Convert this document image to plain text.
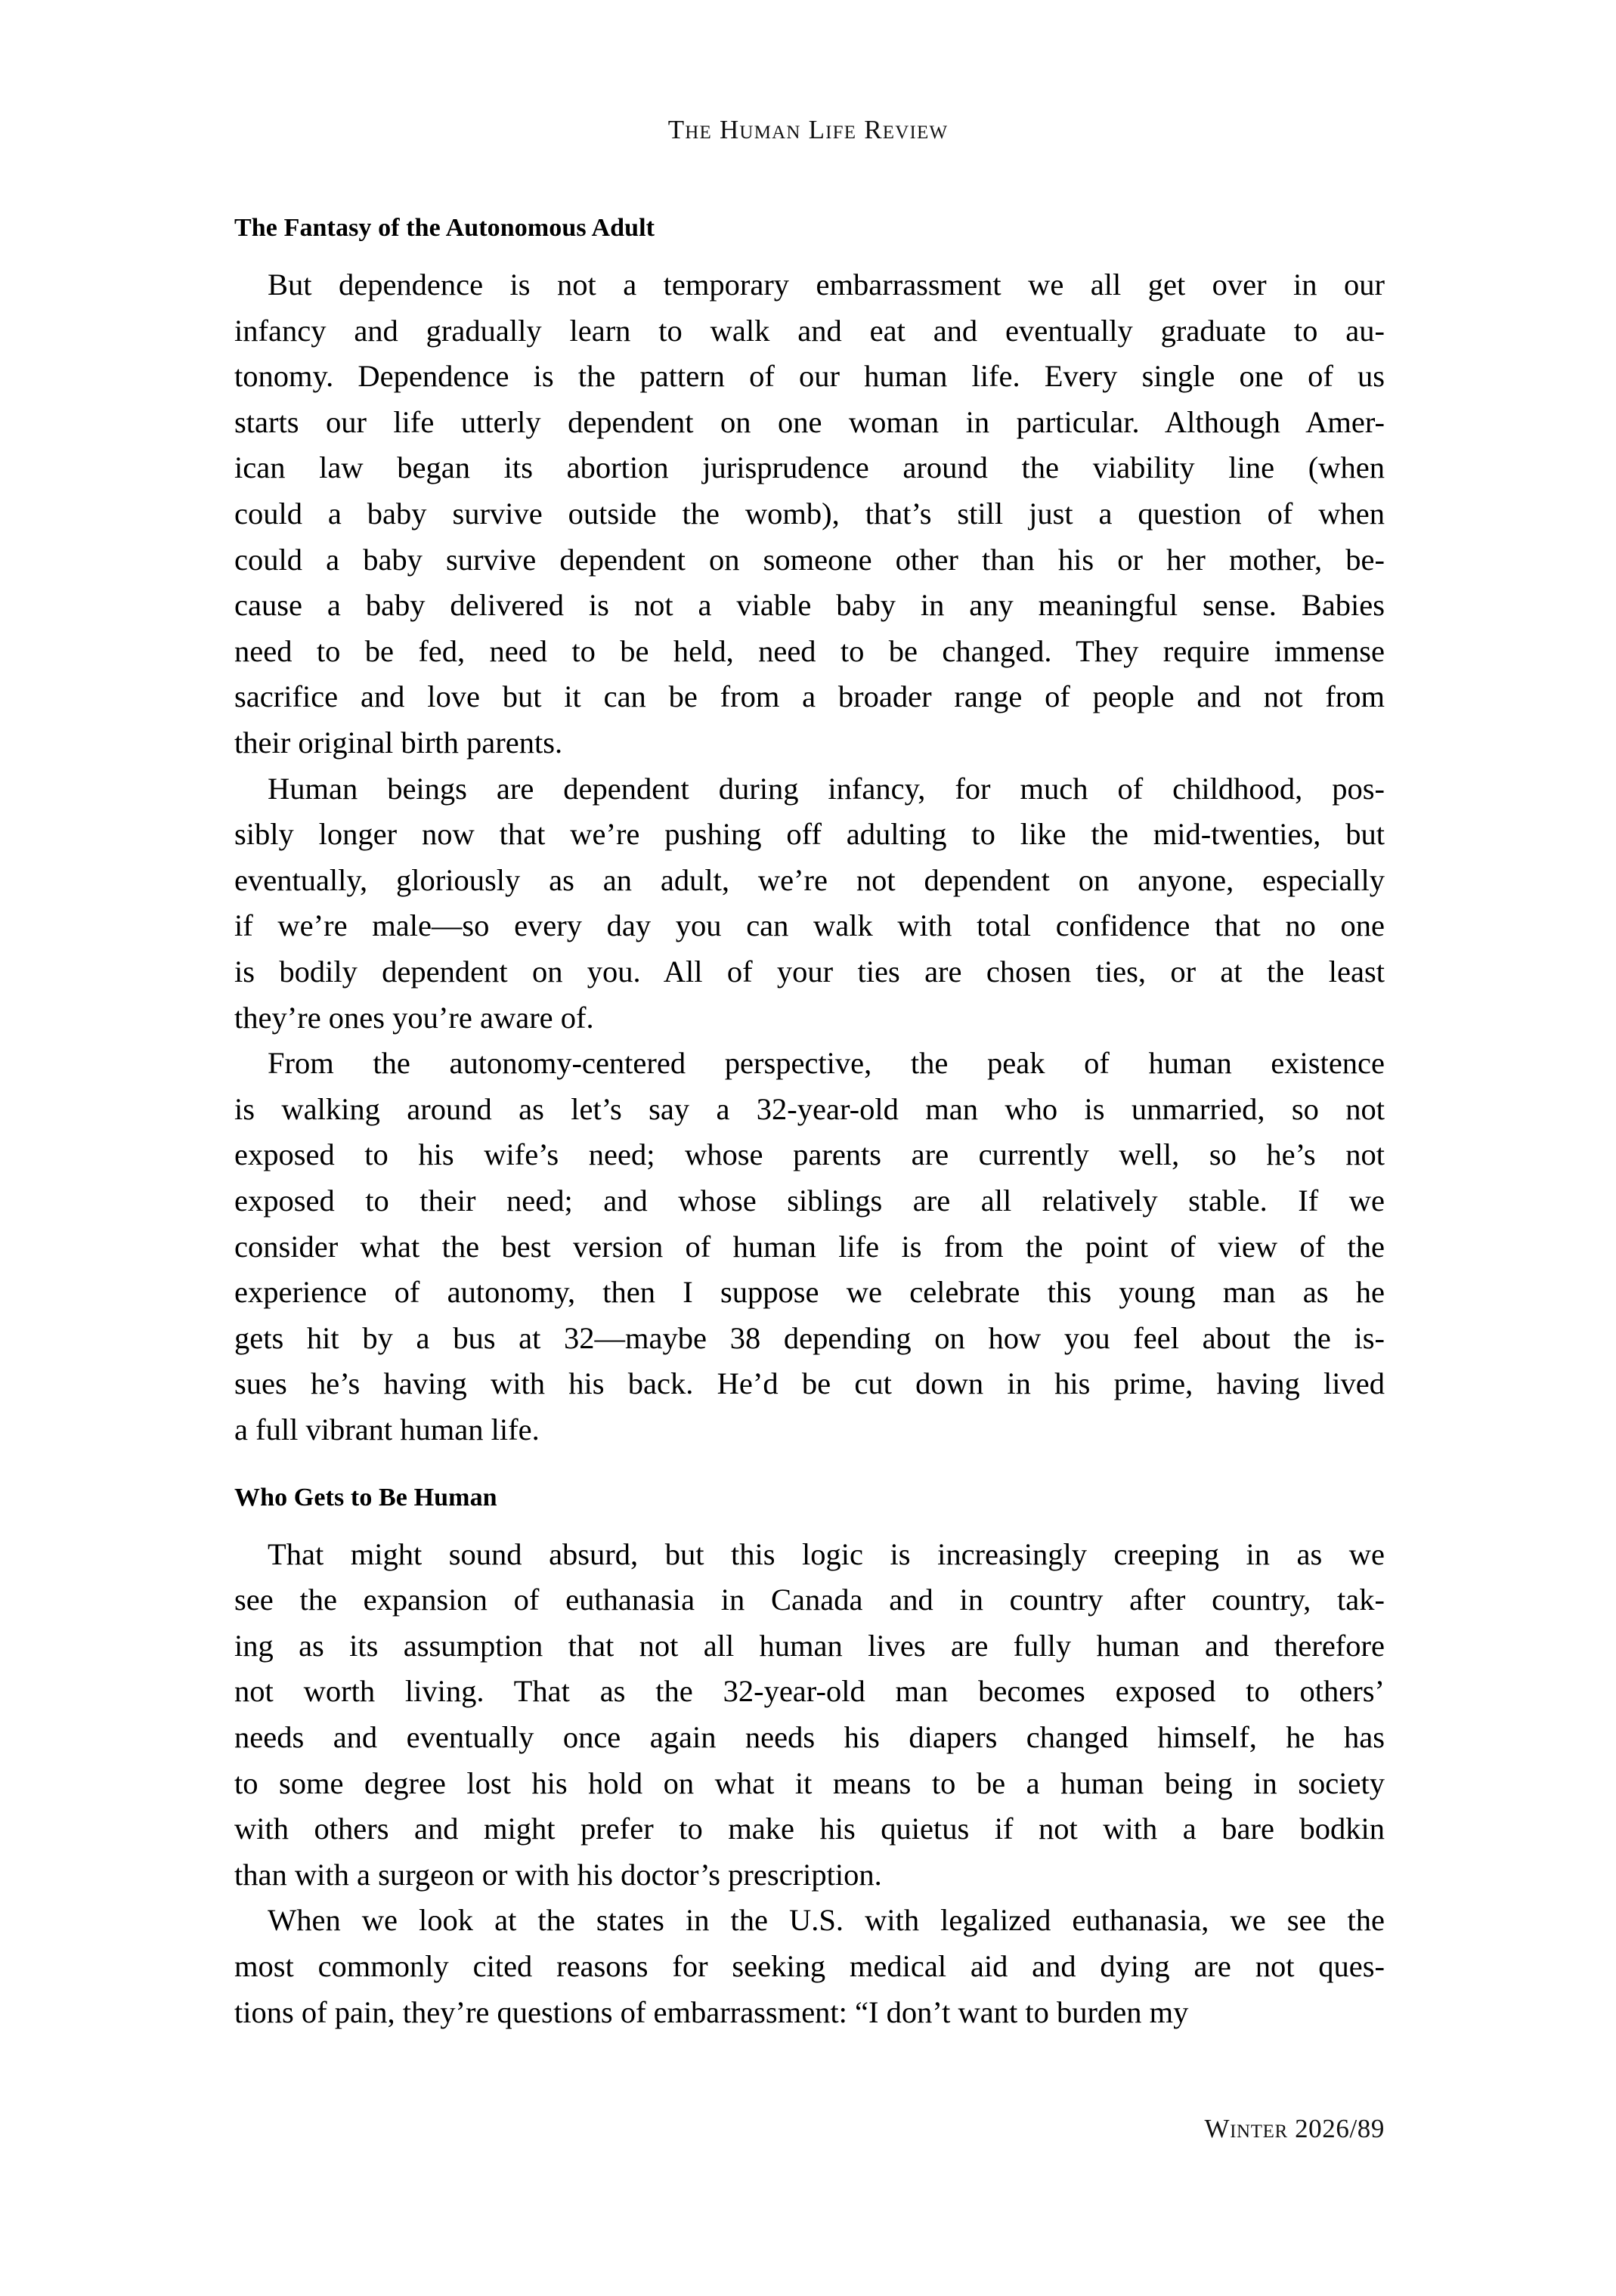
The Human Life Review
The Fantasy of the Autonomous Adult

But dependence is not a temporary embarrassment we all get over in our
infancy and gradually learn to walk and eat and eventually graduate to au-
tonomy. Dependence is the pattern of our human life. Every single one of us
starts our life utterly dependent on one woman in particular. Although Amer-
ican law began its abortion jurisprudence around the viability line (when
could a baby survive outside the womb), that’s still just a question of when
could a baby survive dependent on someone other than his or her mother, be-
cause a baby delivered is not a viable baby in any meaningful sense. Babies
need to be fed, need to be held, need to be changed. They require immense
sacrifice and love but it can be from a broader range of people and not from
their original birth parents.

Human beings are dependent during infancy, for much of childhood, pos-
sibly longer now that we’re pushing off adulting to like the mid-twenties, but
eventually, gloriously as an adult, we’re not dependent on anyone, especially
if we’re male—so every day you can walk with total confidence that no one
is bodily dependent on you. All of your ties are chosen ties, or at the least
they’re ones you’re aware of.

From the autonomy-centered perspective, the peak of human existence
is walking around as let’s say a 32-year-old man who is unmarried, so not
exposed to his wife’s need; whose parents are currently well, so he’s not
exposed to their need; and whose siblings are all relatively stable. If we
consider what the best version of human life is from the point of view of the
experience of autonomy, then I suppose we celebrate this young man as he
gets hit by a bus at 32—maybe 38 depending on how you feel about the is-
sues he’s having with his back. He’d be cut down in his prime, having lived
a full vibrant human life.

Who Gets to Be Human

That might sound absurd, but this logic is increasingly creeping in as we
see the expansion of euthanasia in Canada and in country after country, tak-
ing as its assumption that not all human lives are fully human and therefore
not worth living. That as the 32-year-old man becomes exposed to others’
needs and eventually once again needs his diapers changed himself, he has
to some degree lost his hold on what it means to be a human being in society
with others and might prefer to make his quietus if not with a bare bodkin
than with a surgeon or with his doctor’s prescription.

When we look at the states in the U.S. with legalized euthanasia, we see the
most commonly cited reasons for seeking medical aid and dying are not ques-
tions of pain, they’re questions of embarrassment: “I don’t want to burden my

Winter 2026/89
